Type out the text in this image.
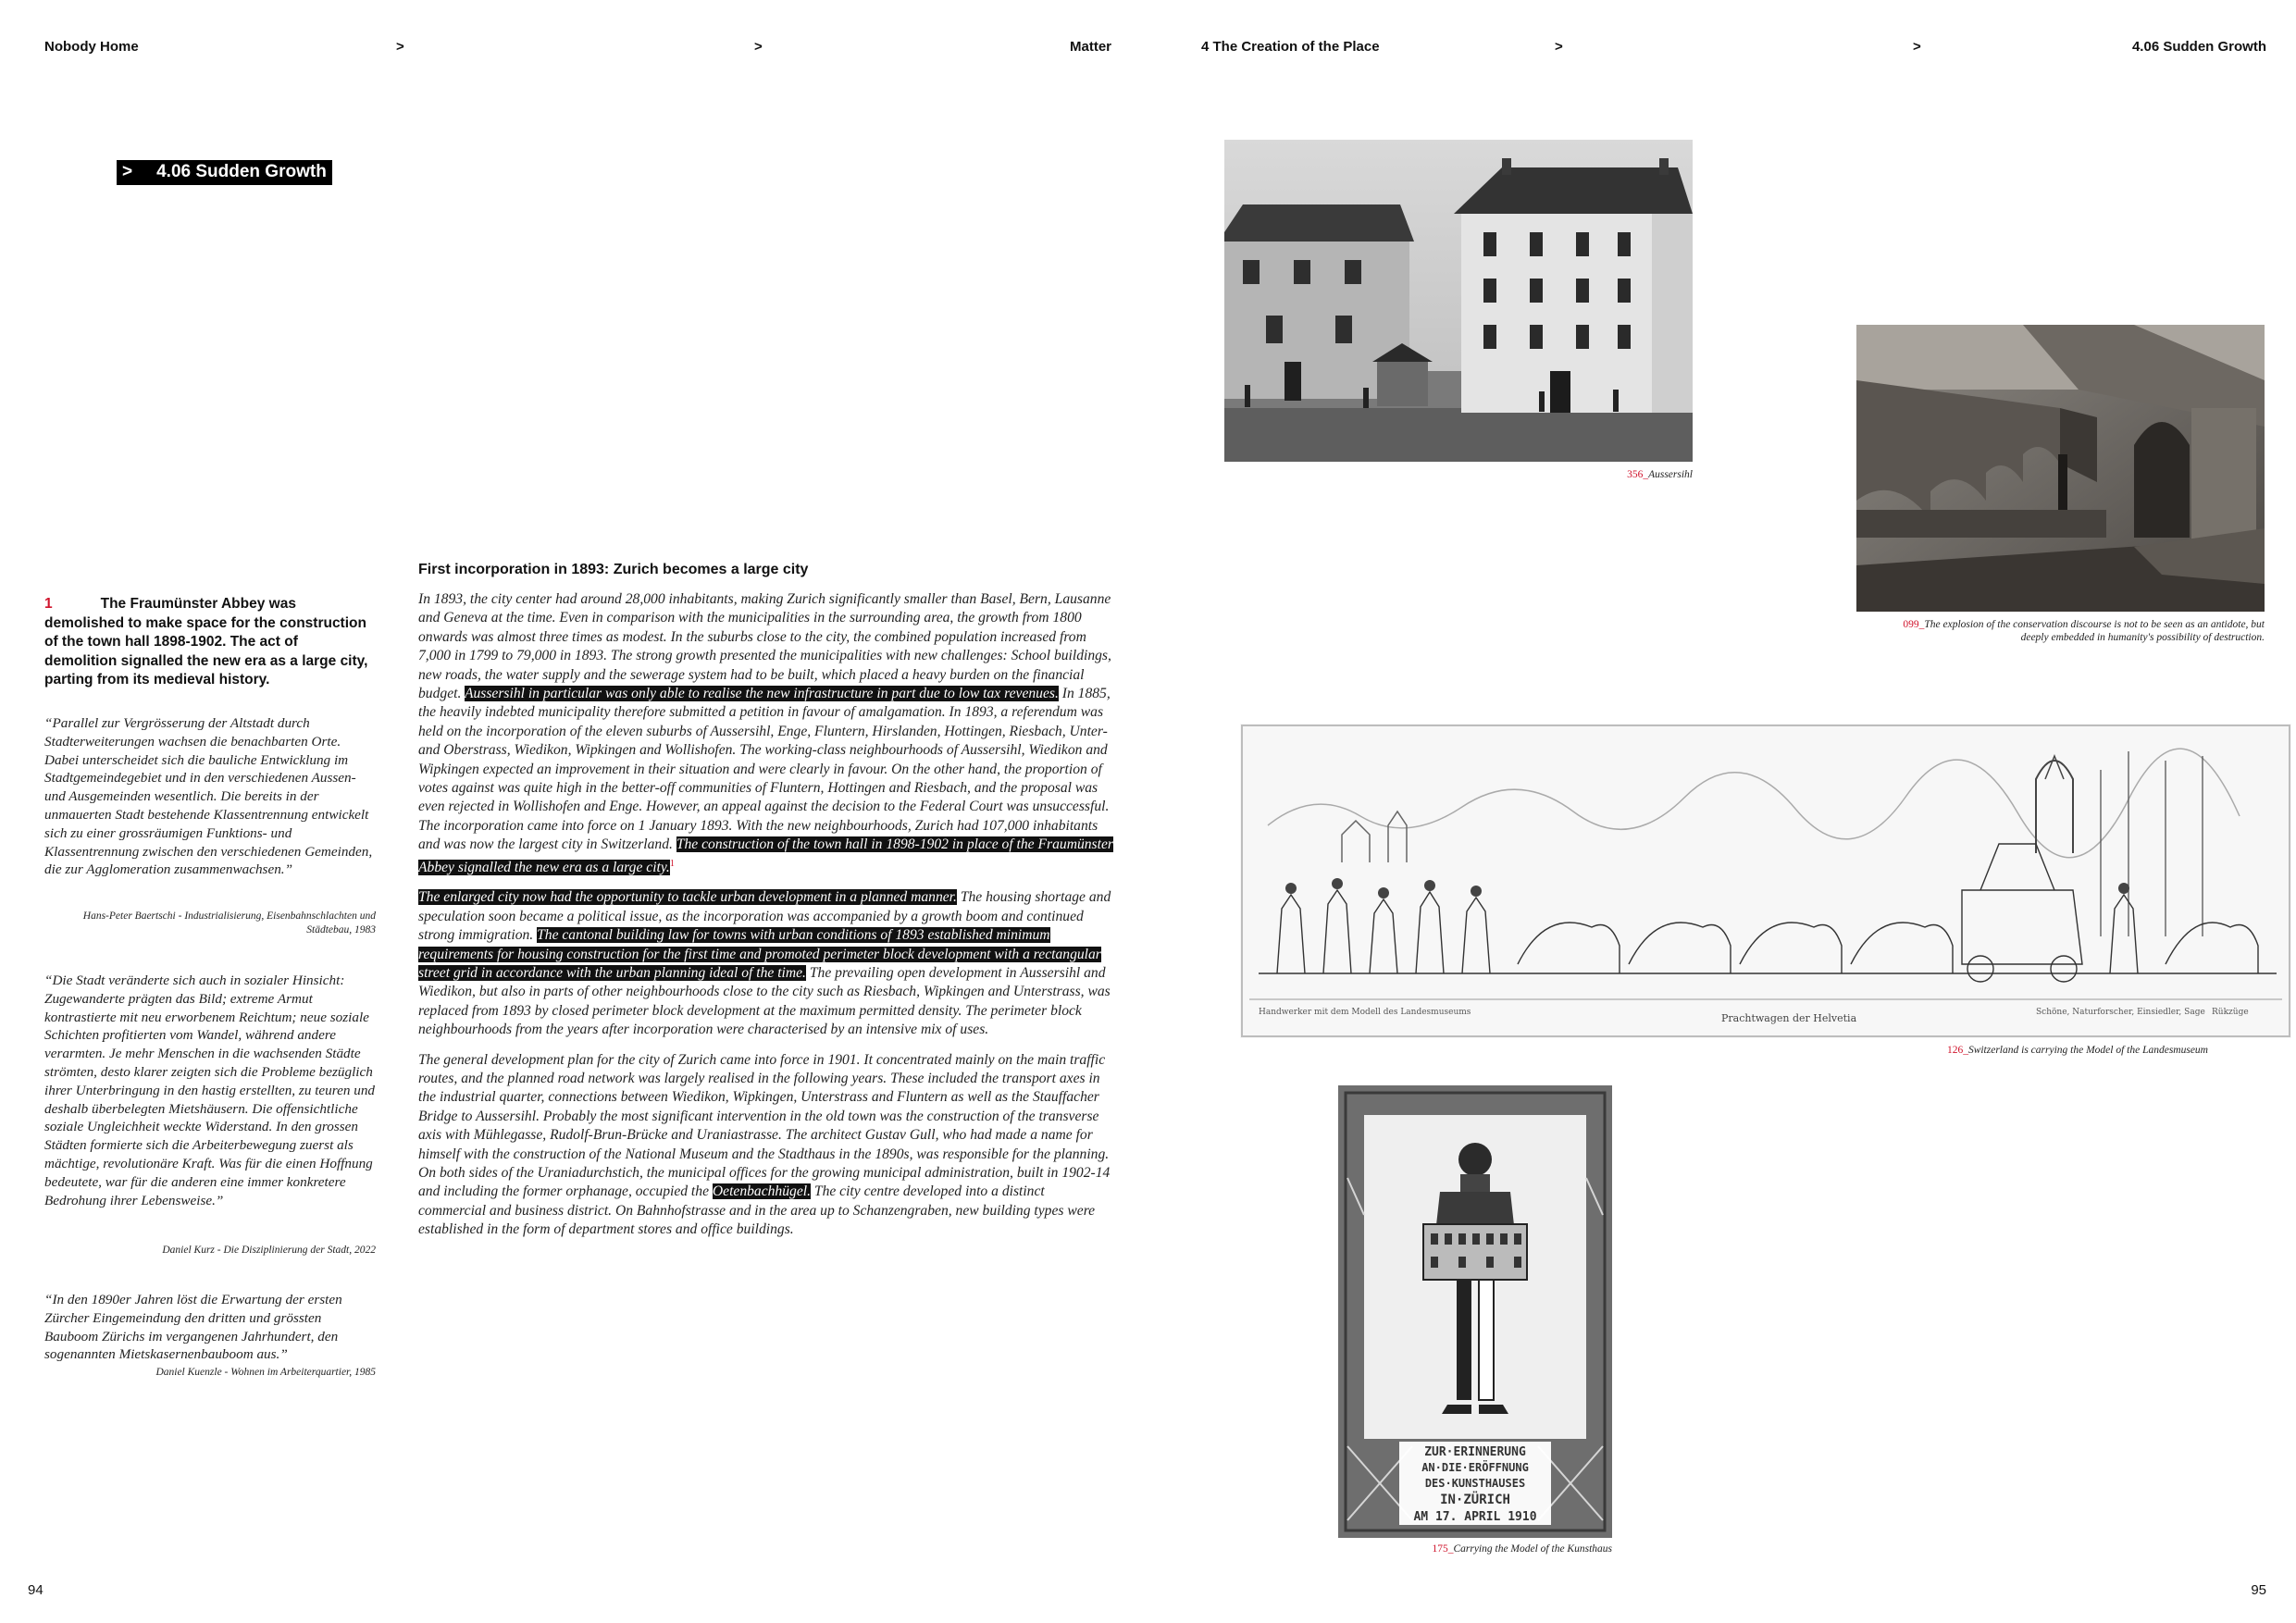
Nobody Home	>	>	Matter	4 The Creation of the Place	>	>	4.06 Sudden Growth
> 4.06 Sudden Growth
1	The Fraumünster Abbey was demolished to make space for the construction of the town hall 1898-1902. The act of demolition signalled the new era as a large city, parting from its medieval history.
“Parallel zur Vergrösserung der Altstadt durch Stadterweiterungen wachsen die benachbarten Orte. Dabei unterscheidet sich die bauliche Entwicklung im Stadtgemeindegebiet und in den verschiedenen Aussen- und Ausgemeinden wesentlich. Die bereits in der unmauerten Stadt bestehende Klassentrennung entwickelt sich zu einer grossräumigen Funktions- und Klassentrennung zwischen den verschiedenen Gemeinden, die zur Agglomeration zusammenwachsen.”
Hans-Peter Baertschi - Industrialisierung, Eisenbahnschlachten und Städtebau, 1983
“Die Stadt veränderte sich auch in sozialer Hinsicht: Zugewanderte prägten das Bild; extreme Armut kontrastierte mit neu erworbenem Reichtum; neue soziale Schichten profitierten vom Wandel, während andere verarmten. Je mehr Menschen in die wachsenden Städte strömten, desto klarer zeigten sich die Probleme bezüglich ihrer Unterbringung in den hastig erstellten, zu teuren und deshalb überbelegten Mietshäusern. Die offensichtliche soziale Ungleichheit weckte Widerstand. In den grossen Städten formierte sich die Arbeiterbewegung zuerst als mächtige, revolutionäre Kraft. Was für die einen Hoffnung bedeutete, war für die anderen eine immer konkretere Bedrohung ihrer Lebensweise.”
Daniel Kurz - Die Disziplinierung der Stadt, 2022
“In den 1890er Jahren löst die Erwartung der ersten Zürcher Eingemeindung den dritten und grössten Bauboom Zürichs im vergangenen Jahrhundert, den sogenannten Mietskasernenbauboom aus.”
Daniel Kuenzle - Wohnen im Arbeiterquartier, 1985
First incorporation in 1893: Zurich becomes a large city

In 1893, the city center had around 28,000 inhabitants, making Zurich significantly smaller than Basel, Bern, Lausanne and Geneva at the time. Even in comparison with the municipalities in the surrounding area, the growth from 1800 onwards was almost three times as modest. In the suburbs close to the city, the combined population increased from 7,000 in 1799 to 79,000 in 1893. The strong growth presented the municipalities with new challenges: School buildings, new roads, the water supply and the sewerage system had to be built, which placed a heavy burden on the financial budget. Aussersihl in particular was only able to realise the new infrastructure in part due to low tax revenues. In 1885, the heavily indebted municipality therefore submitted a petition in favour of amalgamation. In 1893, a referendum was held on the incorporation of the eleven suburbs of Aussersihl, Enge, Fluntern, Hirslanden, Hottingen, Riesbach, Unter- and Oberstrass, Wiedikon, Wipkingen and Wollishofen. The working-class neighbourhoods of Aussersihl, Wiedikon and Wipkingen expected an improvement in their situation and were clearly in favour. On the other hand, the proportion of votes against was quite high in the better-off communities of Fluntern, Hottingen and Riesbach, and the proposal was even rejected in Wollishofen and Enge. However, an appeal against the decision to the Federal Court was unsuccessful. The incorporation came into force on 1 January 1893. With the new neighbourhoods, Zurich had 107,000 inhabitants and was now the largest city in Switzerland. The construction of the town hall in 1898-1902 in place of the Fraumünster Abbey signalled the new era as a large city.$^1$

The enlarged city now had the opportunity to tackle urban development in a planned manner. The housing shortage and speculation soon became a political issue, as the incorporation was accompanied by a growth boom and continued strong immigration. The cantonal building law for towns with urban conditions of 1893 established minimum requirements for housing construction for the first time and promoted perimeter block development with a rectangular street grid in accordance with the urban planning ideal of the time. The prevailing open development in Aussersihl and Wiedikon, but also in parts of other neighbourhoods close to the city such as Riesbach, Wipkingen and Unterstrass, was replaced from 1893 by closed perimeter block development at the maximum permitted density. The perimeter block neighbourhoods from the years after incorporation were characterised by an intensive mix of uses.

The general development plan for the city of Zurich came into force in 1901. It concentrated mainly on the main traffic routes, and the planned road network was largely realised in the following years. These included the transport axes in the industrial quarter, connections between Wiedikon, Wipkingen, Unterstrass and Fluntern as well as the Stauffacher Bridge to Aussersihl. Probably the most significant intervention in the old town was the construction of the transverse axis with Mühlegasse, Rudolf-Brun-Brücke and Uraniastrasse. The architect Gustav Gull, who had made a name for himself with the construction of the National Museum and the Stadthaus in the 1890s, was responsible for the planning. On both sides of the Uraniadurchstich, the municipal offices for the growing municipal administration, built in 1902-14 and including the former orphanage, occupied the Oetenbachhügel. The city centre developed into a distinct commercial and business district. On Bahnhofstrasse and in the area up to Schanzengraben, new building types were established in the form of department stores and office buildings.

356_Aussersihl
099_The explosion of the conservation discourse is not to be seen as an antidote, but
deeply embedded in humanity's possibility of destruction.
Handwerker mit dem Modell des Landesmuseums	Prachtwagen der Helvetia	Schöne, Naturforscher, Einsiedler, Sage Rükzüge
126_Switzerland is carrying the Model of the Landesmuseum
ZUR·ERINNERUNG
AN·DIE·ERÖFFNUNG
DES·KUNSTHAUSES
IN·ZÜRICH
AM 17. APRIL 1910
175_Carrying the Model of the Kunsthaus
94	95
